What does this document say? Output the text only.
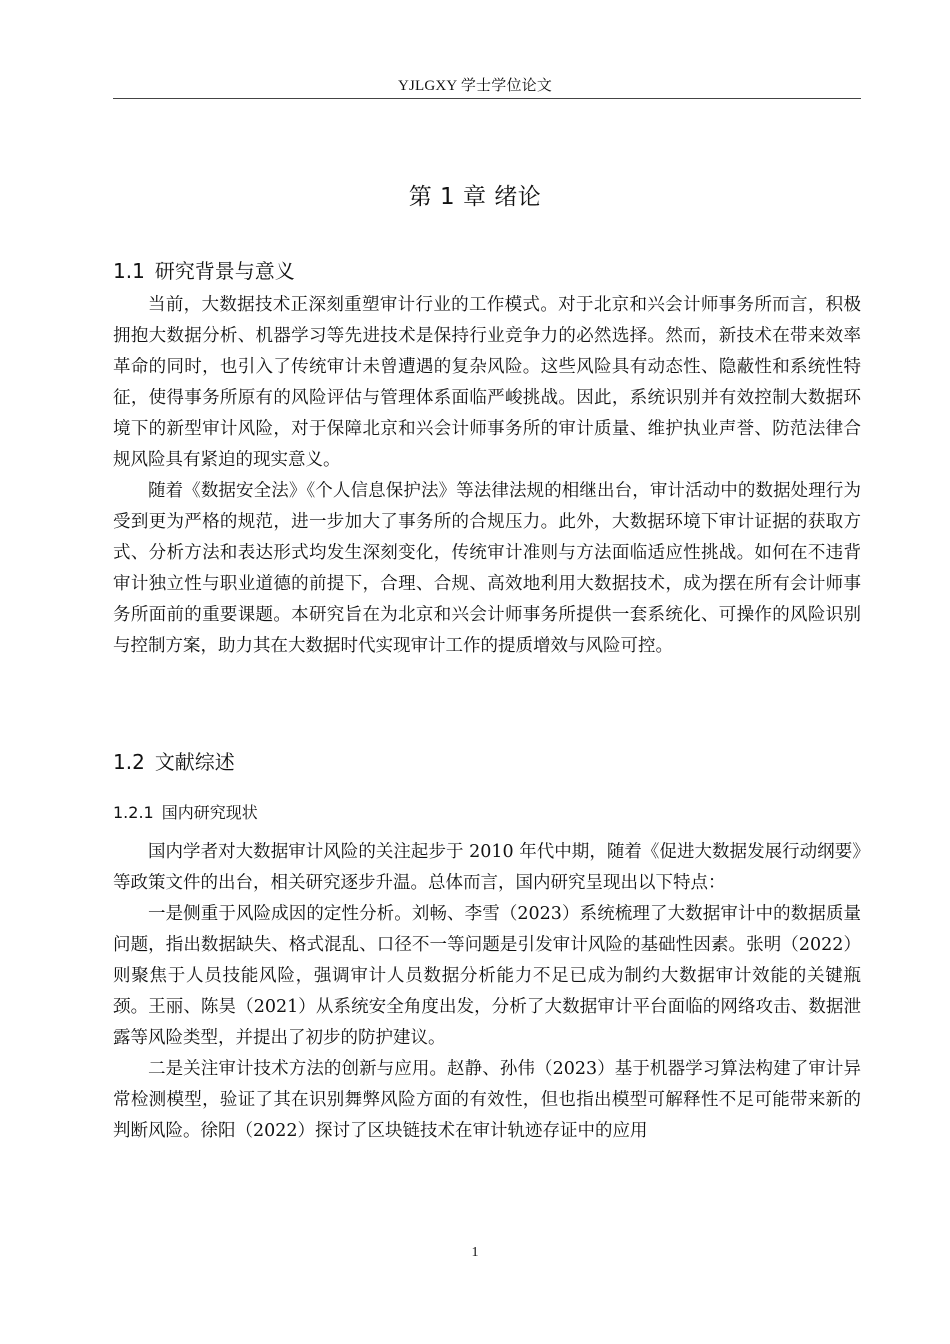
YJLGXY 学士学位论文
第 1 章 绪论
1.1 研究背景与意义

当前，大数据技术正深刻重塑审计行业的工作模式。对于北京和兴会计师事务所而言，积极拥抱大数据分析、机器学习等先进技术是保持行业竞争力的必然选择。然而，新技术在带来效率革命的同时，也引入了传统审计未曾遭遇的复杂风险。这些风险具有动态性、隐蔽性和系统性特征，使得事务所原有的风险评估与管理体系面临严峻挑战。因此，系统识别并有效控制大数据环境下的新型审计风险，对于保障北京和兴会计师事务所的审计质量、维护执业声誉、防范法律合规风险具有紧迫的现实意义。

随着《数据安全法》《个人信息保护法》等法律法规的相继出台，审计活动中的数据处理行为受到更为严格的规范，进一步加大了事务所的合规压力。此外，大数据环境下审计证据的获取方式、分析方法和表达形式均发生深刻变化，传统审计准则与方法面临适应性挑战。如何在不违背审计独立性与职业道德的前提下，合理、合规、高效地利用大数据技术，成为摆在所有会计师事务所面前的重要课题。本研究旨在为北京和兴会计师事务所提供一套系统化、可操作的风险识别与控制方案，助力其在大数据时代实现审计工作的提质增效与风险可控。

1.2 文献综述
1.2.1 国内研究现状

国内学者对大数据审计风险的关注起步于 2010 年代中期，随着《促进大数据发展行动纲要》等政策文件的出台，相关研究逐步升温。总体而言，国内研究呈现出以下特点：

一是侧重于风险成因的定性分析。刘畅、李雪（2023）系统梳理了大数据审计中的数据质量问题，指出数据缺失、格式混乱、口径不一等问题是引发审计风险的基础性因素。张明（2022）则聚焦于人员技能风险，强调审计人员数据分析能力不足已成为制约大数据审计效能的关键瓶颈。王丽、陈昊（2021）从系统安全角度出发，分析了大数据审计平台面临的网络攻击、数据泄露等风险类型，并提出了初步的防护建议。

二是关注审计技术方法的创新与应用。赵静、孙伟（2023）基于机器学习算法构建了审计异常检测模型，验证了其在识别舞弊风险方面的有效性，但也指出模型可解释性不足可能带来新的判断风险。徐阳（2022）探讨了区块链技术在审计轨迹存证中的应用

1
